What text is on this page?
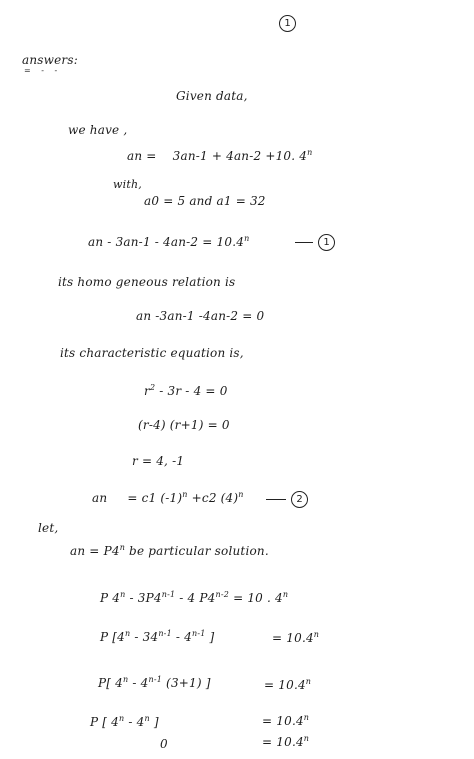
1
answers:
= - -
Given data,
we have ,
an = 3an-1 + 4an-2 +10. 4$^n$
with,
a0 = 5 and a1 = 32
an - $3an-1 - 4an-2 = 10.4^n$	1
its homo geneous relation is
an -3an-1 -4an-2 = 0
its characteristic equation is,
$r^2 - 3r - 4 = 0$
(r-4) (r+1) = 0
r = 4, -1
an = c1 $(-1)^n +c2$ $(4)^n$	2
let,
an = $P4^n$ be particular solution.
P 4$^n$ - 3P4$^{n-1}$ - 4 $P4^{n-2} = 10$ . 4$^n$
P [4$^n$ - 34$^{n-1}$ - 4$^{n-1}$ ]	= $10.4^n$
P[ 4$^n$ - 4$^{n-1}$ (3+1) ]	= $10.4^n$
P [ 4$^n$ - 4$^n$ ]	= $10.4^n$
0	= $10.4^n$
